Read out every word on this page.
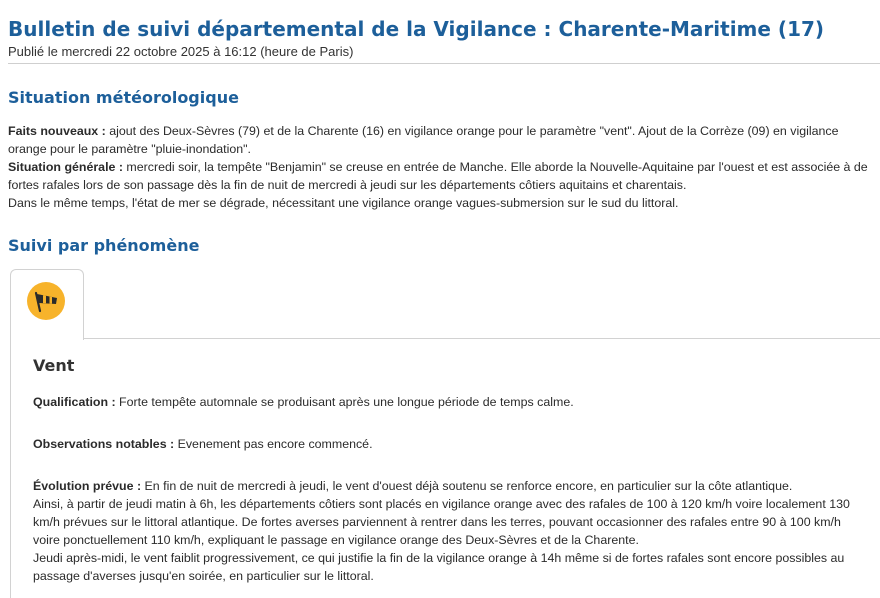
Bulletin de suivi départemental de la Vigilance : Charente-Maritime (17)
Publié le mercredi 22 octobre 2025 à 16:12 (heure de Paris)
Situation météorologique

Faits nouveaux : ajout des Deux-Sèvres (79) et de la Charente (16) en vigilance orange pour le paramètre "vent". Ajout de la Corrèze (09) en vigilance orange pour le paramètre "pluie-inondation".

Situation générale : mercredi soir, la tempête "Benjamin" se creuse en entrée de Manche. Elle aborde la Nouvelle-Aquitaine par l'ouest et est associée à de fortes rafales lors de son passage dès la fin de nuit de mercredi à jeudi sur les départements côtiers aquitains et charentais.

Dans le même temps, l'état de mer se dégrade, nécessitant une vigilance orange vagues-submersion sur le sud du littoral.

Suivi par phénomène
Vent

Qualification : Forte tempête automnale se produisant après une longue période de temps calme.

Observations notables : Evenement pas encore commencé.

Évolution prévue : En fin de nuit de mercredi à jeudi, le vent d'ouest déjà soutenu se renforce encore, en particulier sur la côte atlantique.

Ainsi, à partir de jeudi matin à 6h, les départements côtiers sont placés en vigilance orange avec des rafales de 100 à 120 km/h voire localement 130 km/h prévues sur le littoral atlantique. De fortes averses parviennent à rentrer dans les terres, pouvant occasionner des rafales entre 90 à 100 km/h voire ponctuellement 110 km/h, expliquant le passage en vigilance orange des Deux-Sèvres et de la Charente.

Jeudi après-midi, le vent faiblit progressivement, ce qui justifie la fin de la vigilance orange à 14h même si de fortes rafales sont encore possibles au passage d'averses jusqu'en soirée, en particulier sur le littoral.
